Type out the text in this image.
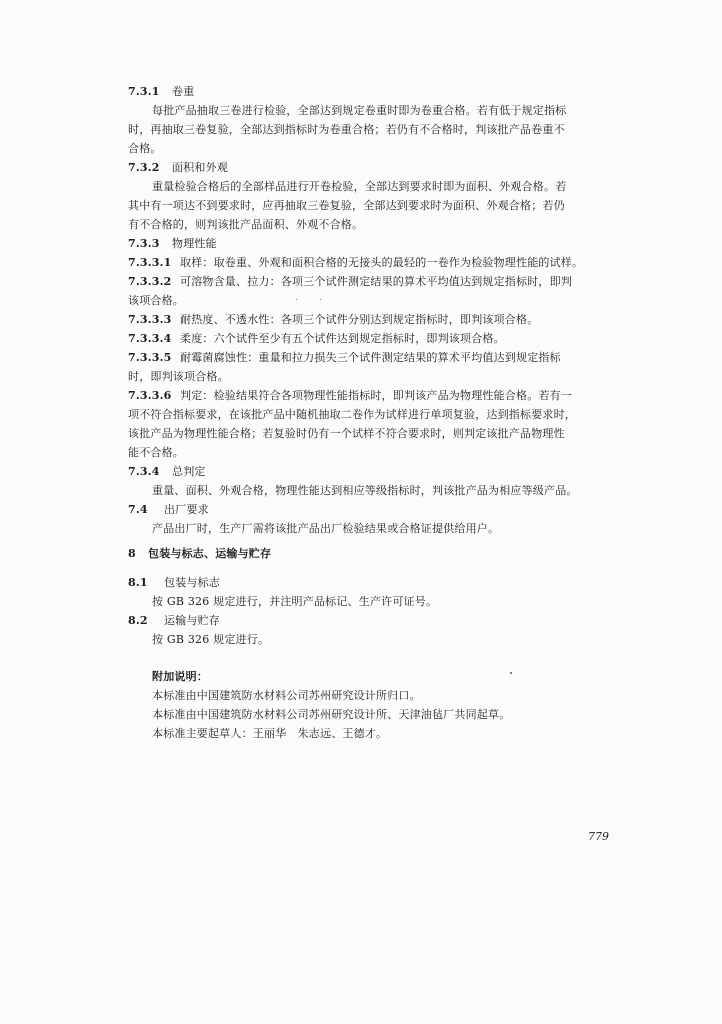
7.3.1 卷重
每批产品抽取三卷进行检验，全部达到规定卷重时即为卷重合格。若有低于规定指标
时，再抽取三卷复验，全部达到指标时为卷重合格；若仍有不合格时，判该批产品卷重不
合格。
7.3.2 面积和外观
重量检验合格后的全部样品进行开卷检验，全部达到要求时即为面积、外观合格。若
其中有一项达不到要求时，应再抽取三卷复验，全部达到要求时为面积、外观合格；若仍
有不合格的，则判该批产品面积、外观不合格。
7.3.3 物理性能
7.3.3.1 取样：取卷重、外观和面积合格的无接头的最轻的一卷作为检验物理性能的试样。
7.3.3.2 可溶物含量、拉力：各项三个试件测定结果的算术平均值达到规定指标时，即判
该项合格。
7.3.3.3 耐热度、不透水性：各项三个试件分别达到规定指标时，即判该项合格。
7.3.3.4 柔度：六个试件至少有五个试件达到规定指标时，即判该项合格。
7.3.3.5 耐霉菌腐蚀性：重量和拉力损失三个试件测定结果的算术平均值达到规定指标
时，即判该项合格。
7.3.3.6 判定：检验结果符合各项物理性能指标时，即判该产品为物理性能合格。若有一
项不符合指标要求，在该批产品中随机抽取二卷作为试样进行单项复验，达到指标要求时，
该批产品为物理性能合格；若复验时仍有一个试样不符合要求时，则判定该批产品物理性
能不合格。
7.3.4 总判定
重量、面积、外观合格，物理性能达到相应等级指标时，判该批产品为相应等级产品。
7.4 出厂要求
产品出厂时，生产厂需将该批产品出厂检验结果或合格证提供给用户。
8 包装与标志、运输与贮存
8.1 包装与标志
按 GB 326 规定进行，并注明产品标记、生产许可证号。
8.2 运输与贮存
按 GB 326 规定进行。
附加说明：
本标准由中国建筑防水材料公司苏州研究设计所归口。
本标准由中国建筑防水材料公司苏州研究设计所、天津油毡厂共同起草。
本标准主要起草人：王丽华　朱志远、王德才。
779
